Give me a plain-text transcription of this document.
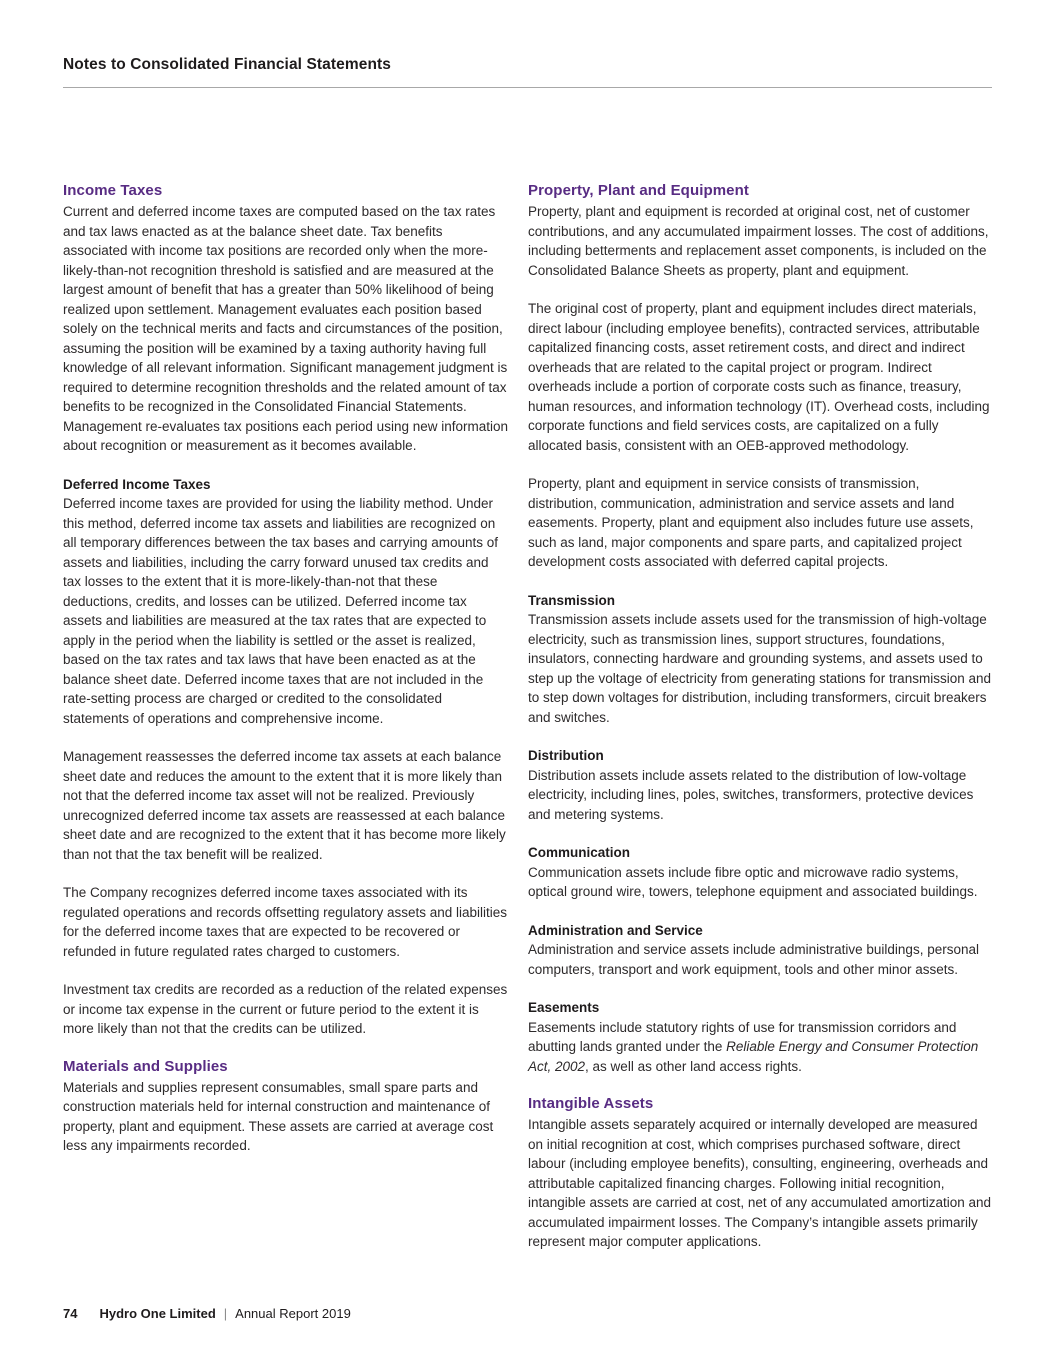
Notes to Consolidated Financial Statements
Income Taxes

Current and deferred income taxes are computed based on the tax rates and tax laws enacted as at the balance sheet date. Tax benefits associated with income tax positions are recorded only when the more-likely-than-not recognition threshold is satisfied and are measured at the largest amount of benefit that has a greater than 50% likelihood of being realized upon settlement. Management evaluates each position based solely on the technical merits and facts and circumstances of the position, assuming the position will be examined by a taxing authority having full knowledge of all relevant information. Significant management judgment is required to determine recognition thresholds and the related amount of tax benefits to be recognized in the Consolidated Financial Statements. Management re-evaluates tax positions each period using new information about recognition or measurement as it becomes available.

Deferred Income Taxes

Deferred income taxes are provided for using the liability method. Under this method, deferred income tax assets and liabilities are recognized on all temporary differences between the tax bases and carrying amounts of assets and liabilities, including the carry forward unused tax credits and tax losses to the extent that it is more-likely-than-not that these deductions, credits, and losses can be utilized. Deferred income tax assets and liabilities are measured at the tax rates that are expected to apply in the period when the liability is settled or the asset is realized, based on the tax rates and tax laws that have been enacted as at the balance sheet date. Deferred income taxes that are not included in the rate-setting process are charged or credited to the consolidated statements of operations and comprehensive income.

Management reassesses the deferred income tax assets at each balance sheet date and reduces the amount to the extent that it is more likely than not that the deferred income tax asset will not be realized. Previously unrecognized deferred income tax assets are reassessed at each balance sheet date and are recognized to the extent that it has become more likely than not that the tax benefit will be realized.

The Company recognizes deferred income taxes associated with its regulated operations and records offsetting regulatory assets and liabilities for the deferred income taxes that are expected to be recovered or refunded in future regulated rates charged to customers.

Investment tax credits are recorded as a reduction of the related expenses or income tax expense in the current or future period to the extent it is more likely than not that the credits can be utilized.

Materials and Supplies

Materials and supplies represent consumables, small spare parts and construction materials held for internal construction and maintenance of property, plant and equipment. These assets are carried at average cost less any impairments recorded.

Property, Plant and Equipment

Property, plant and equipment is recorded at original cost, net of customer contributions, and any accumulated impairment losses. The cost of additions, including betterments and replacement asset components, is included on the Consolidated Balance Sheets as property, plant and equipment.

The original cost of property, plant and equipment includes direct materials, direct labour (including employee benefits), contracted services, attributable capitalized financing costs, asset retirement costs, and direct and indirect overheads that are related to the capital project or program. Indirect overheads include a portion of corporate costs such as finance, treasury, human resources, and information technology (IT). Overhead costs, including corporate functions and field services costs, are capitalized on a fully allocated basis, consistent with an OEB-approved methodology.

Property, plant and equipment in service consists of transmission, distribution, communication, administration and service assets and land easements. Property, plant and equipment also includes future use assets, such as land, major components and spare parts, and capitalized project development costs associated with deferred capital projects.

Transmission

Transmission assets include assets used for the transmission of high-voltage electricity, such as transmission lines, support structures, foundations, insulators, connecting hardware and grounding systems, and assets used to step up the voltage of electricity from generating stations for transmission and to step down voltages for distribution, including transformers, circuit breakers and switches.

Distribution

Distribution assets include assets related to the distribution of low-voltage electricity, including lines, poles, switches, transformers, protective devices and metering systems.

Communication

Communication assets include fibre optic and microwave radio systems, optical ground wire, towers, telephone equipment and associated buildings.

Administration and Service

Administration and service assets include administrative buildings, personal computers, transport and work equipment, tools and other minor assets.

Easements

Easements include statutory rights of use for transmission corridors and abutting lands granted under the Reliable Energy and Consumer Protection Act, 2002, as well as other land access rights.

Intangible Assets

Intangible assets separately acquired or internally developed are measured on initial recognition at cost, which comprises purchased software, direct labour (including employee benefits), consulting, engineering, overheads and attributable capitalized financing charges. Following initial recognition, intangible assets are carried at cost, net of any accumulated amortization and accumulated impairment losses. The Company’s intangible assets primarily represent major computer applications.

74 Hydro One Limited | Annual Report 2019
